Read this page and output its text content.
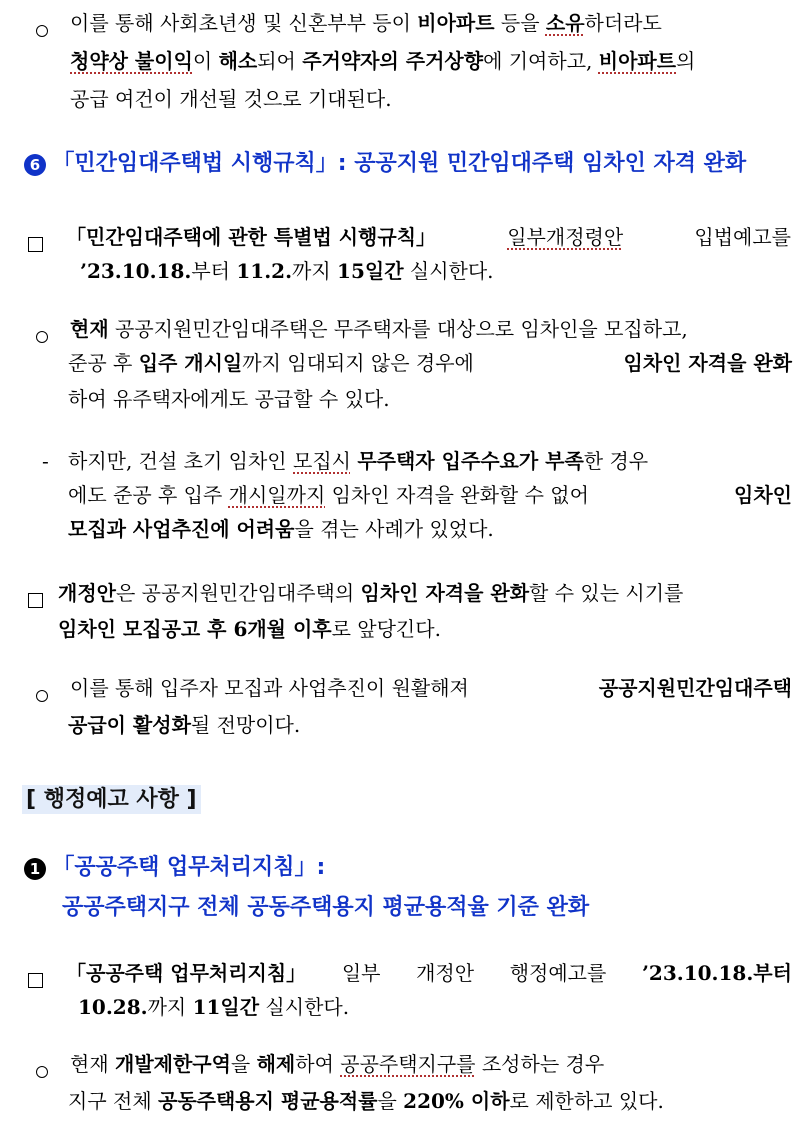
이를 통해 사회초년생 및 신혼부부 등이 비아파트 등을 소유하더라도
청약상 불이익이 해소되어 주거약자의 주거상향에 기여하고, 비아파트의
공급 여건이 개선될 것으로 기대된다.
6 「민간임대주택법 시행규칙」: 공공지원 민간임대주택 임차인 자격 완화
「민간임대주택에 관한 특별법 시행규칙」	일부개정령안	입법예고를
’23.10.18.부터 11.2.까지 15일간 실시한다.
현재 공공지원민간임대주택은 무주택자를 대상으로 임차인을 모집하고,
준공 후 입주 개시일까지 임대되지 않은 경우에	임차인 자격을 완화
하여 유주택자에게도 공급할 수 있다.
- 하지만, 건설 초기 임차인 모집시 무주택자 입주수요가 부족한 경우
에도 준공 후 입주 개시일까지 임차인 자격을 완화할 수 없어	임차인
모집과 사업추진에 어려움을 겪는 사례가 있었다.
개정안은 공공지원민간임대주택의 임차인 자격을 완화할 수 있는 시기를
임차인 모집공고 후 6개월 이후로 앞당긴다.
이를 통해 입주자 모집과 사업추진이 원활해져	공공지원민간임대주택
공급이 활성화될 전망이다.
[ 행정예고 사항 ]
1 「공공주택 업무처리지침」:
공공주택지구 전체 공동주택용지 평균용적율 기준 완화
「공공주택 업무처리지침」 일부 개정안 행정예고를 ’23.10.18.부터
10.28.까지 11일간 실시한다.
현재 개발제한구역을 해제하여 공공주택지구를 조성하는 경우
지구 전체 공동주택용지 평균용적률을 220% 이하로 제한하고 있다.
